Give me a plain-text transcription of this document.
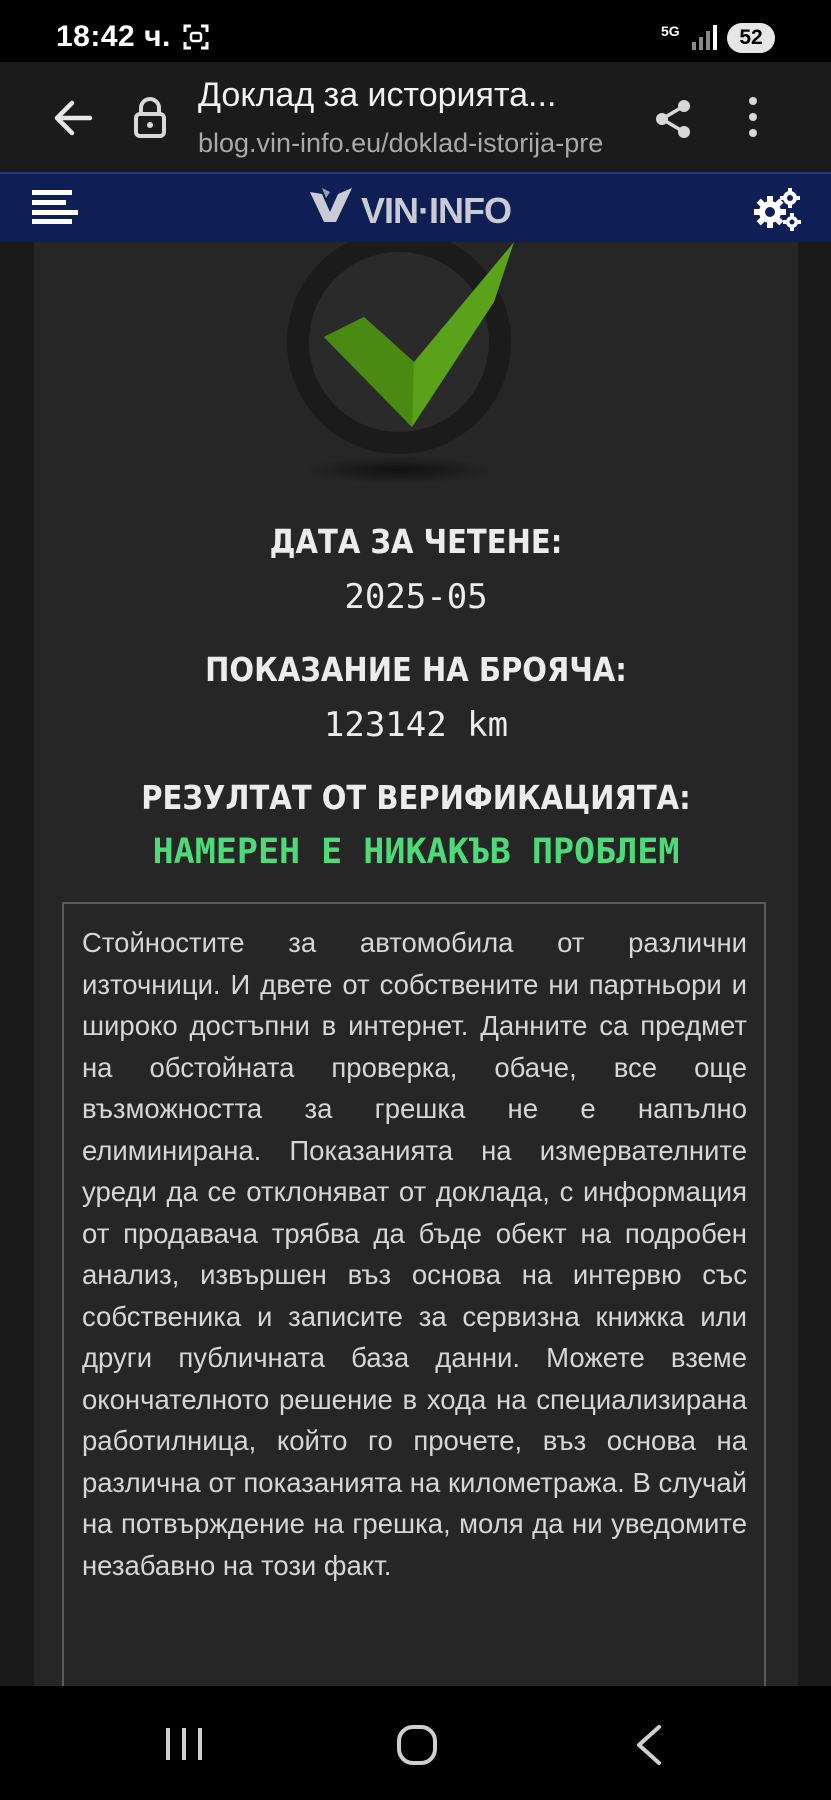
18:42 ч.	5G	52
Доклад за историята...
blog.vin-info.eu/doklad-istorija-pre
VIN·INFO
ДАТА ЗА ЧЕТЕНЕ:
2025-05
ПОКАЗАНИЕ НА БРОЯЧА:
123142 km
РЕЗУЛТАТ ОТ ВЕРИФИКАЦИЯТА:
НАМЕРЕН Е НИКАКЪВ ПРОБЛЕМ
Стойностите за автомобила от различни източници. И двете от собствените ни партньори и широко достъпни в интернет. Данните са предмет на обстойната проверка, обаче, все още възможността за грешка не е напълно елиминирана. Показанията на измервателните уреди да се отклоняват от доклада, с информация от продавача трябва да бъде обект на подробен анализ, извършен въз основа на интервю със собственика и записите за сервизна книжка или други публичната база данни. Можете вземе окончателното решение в хода на специализирана работилница, който го прочете, въз основа на различна от показанията на километража. В случай на потвърждение на грешка, моля да ни уведомите незабавно на този факт.
